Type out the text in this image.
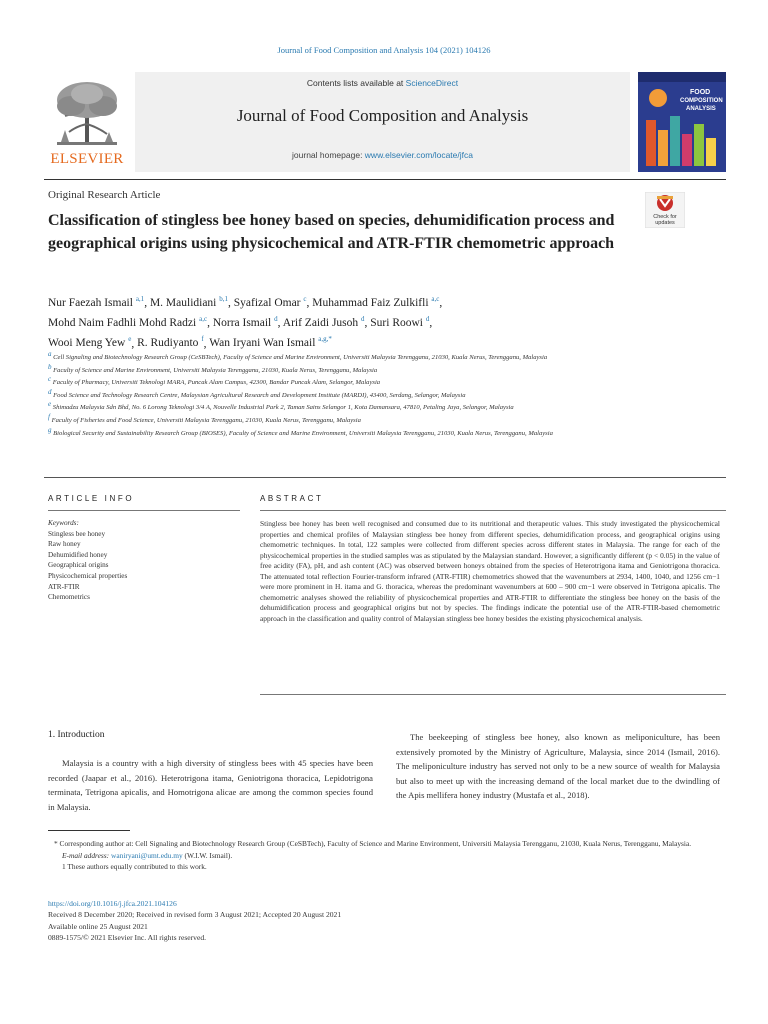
Journal of Food Composition and Analysis 104 (2021) 104126
ELSEVIER
Contents lists available at ScienceDirect
Journal of Food Composition and Analysis
journal homepage: www.elsevier.com/locate/jfca
FOOD
COMPOSITION
ANALYSIS
Original Research Article
Classification of stingless bee honey based on species, dehumidification process and geographical origins using physicochemical and ATR-FTIR chemometric approach
Check for
updates
Nur Faezah Ismail $^{a,1}$, M. Maulidiani $^{b,1}$, Syafizal Omar $^c$, Muhammad Faiz Zulkifli $^{a,c}$,
Mohd Naim Fadhli Mohd Radzi $^{a,c}$, Norra Ismail $^d$, Arif Zaidi Jusoh $^d$, Suri Roowi $^d$,
Wooi Meng Yew $^e$, R. Rudiyanto $^f$, Wan Iryani Wan Ismail $^{a,g,*}$
$^a$ Cell Signaling and Biotechnology Research Group (CeSBTech), Faculty of Science and Marine Environment, Universiti Malaysia Terengganu, 21030, Kuala Nerus, Terengganu, Malaysia
$^b$ Faculty of Science and Marine Environment, Universiti Malaysia Terengganu, 21030, Kuala Nerus, Terengganu, Malaysia
$^c$ Faculty of Pharmacy, Universiti Teknologi MARA, Puncak Alam Campus, 42300, Bandar Puncak Alam, Selangor, Malaysia
$^d$ Food Science and Technology Research Centre, Malaysian Agricultural Research and Development Institute (MARDI), 43400, Serdang, Selangor, Malaysia
$^e$ Shimadzu Malaysia Sdn Bhd, No. 6 Lorong Teknologi 3/4 A, Nouvelle Industrial Park 2, Taman Sains Selangor 1, Kota Damansara, 47810, Petaling Jaya, Selangor, Malaysia
$^f$ Faculty of Fisheries and Food Science, Universiti Malaysia Terengganu, 21030, Kuala Nerus, Terengganu, Malaysia
$^g$ Biological Security and Sustainability Research Group (BIOSES), Faculty of Science and Marine Environment, Universiti Malaysia Terengganu, 21030, Kuala Nerus, Terengganu, Malaysia
ARTICLE INFO	ABSTRACT
Keywords:
Stingless bee honey
Raw honey
Dehumidified honey
Geographical origins
Physicochemical properties
ATR-FTIR
Chemometrics
Stingless bee honey has been well recognised and consumed due to its nutritional and therapeutic values. This study investigated the physicochemical properties and chemical profiles of Malaysian stingless bee honey from different species, dehumidification process, and geographical origins using chemometric techniques. In total, 122 samples were collected from different species across different states in Malaysia. The range for each of the physicochemical properties in the studied samples was as stipulated by the Malaysian standard. However, a significantly different (p < 0.05) in the value of free acidity (FA), pH, and ash content (AC) was observed between honeys obtained from the species of Heterotrigona itama and Geniotrigona thoracica. The attenuated total reflection Fourier-transform infrared (ATR-FTIR) chemometrics showed that the wavenumbers at 2934, 1400, 1040, and 1256 cm−1 were more prominent in H. itama and G. thoracica, whereas the predominant wavenumbers at 600 – 900 cm−1 were observed in Tetrigona apicalis. The chemometric analyses showed the reliability of physicochemical properties and ATR-FTIR to differentiate the stingless bee honey on the basis of the dehumidification process and geographical origins but not by species. The findings indicate the potential use of the ATR-FTIR-based chemometric approach in the classification and quality control of Malaysian stingless bee honey besides the existing physicochemical analysis.
1. Introduction
Malaysia is a country with a high diversity of stingless bees with 45 species have been recorded (Jaapar et al., 2016). Heterotrigona itama, Geniotrigona thoracica, Lepidotrigona terminata, Tetrigona apicalis, and Homotrigona alicae are among the common species found in Malaysia.
The beekeeping of stingless bee honey, also known as meliponiculture, has been extensively promoted by the Ministry of Agriculture, Malaysia, since 2014 (Ismail, 2016). The meliponiculture industry has served not only to be a new source of wealth for Malaysia but also to meet up with the increasing demand of the local market due to the dwindling of the Apis mellifera honey industry (Mustafa et al., 2018).
* Corresponding author at: Cell Signaling and Biotechnology Research Group (CeSBTech), Faculty of Science and Marine Environment, Universiti Malaysia Terengganu, 21030, Kuala Nerus, Terengganu, Malaysia.
E-mail address: waniryani@umt.edu.my (W.I.W. Ismail).
1 These authors equally contributed to this work.
https://doi.org/10.1016/j.jfca.2021.104126
Received 8 December 2020; Received in revised form 3 August 2021; Accepted 20 August 2021
Available online 25 August 2021
0889-1575/© 2021 Elsevier Inc. All rights reserved.
